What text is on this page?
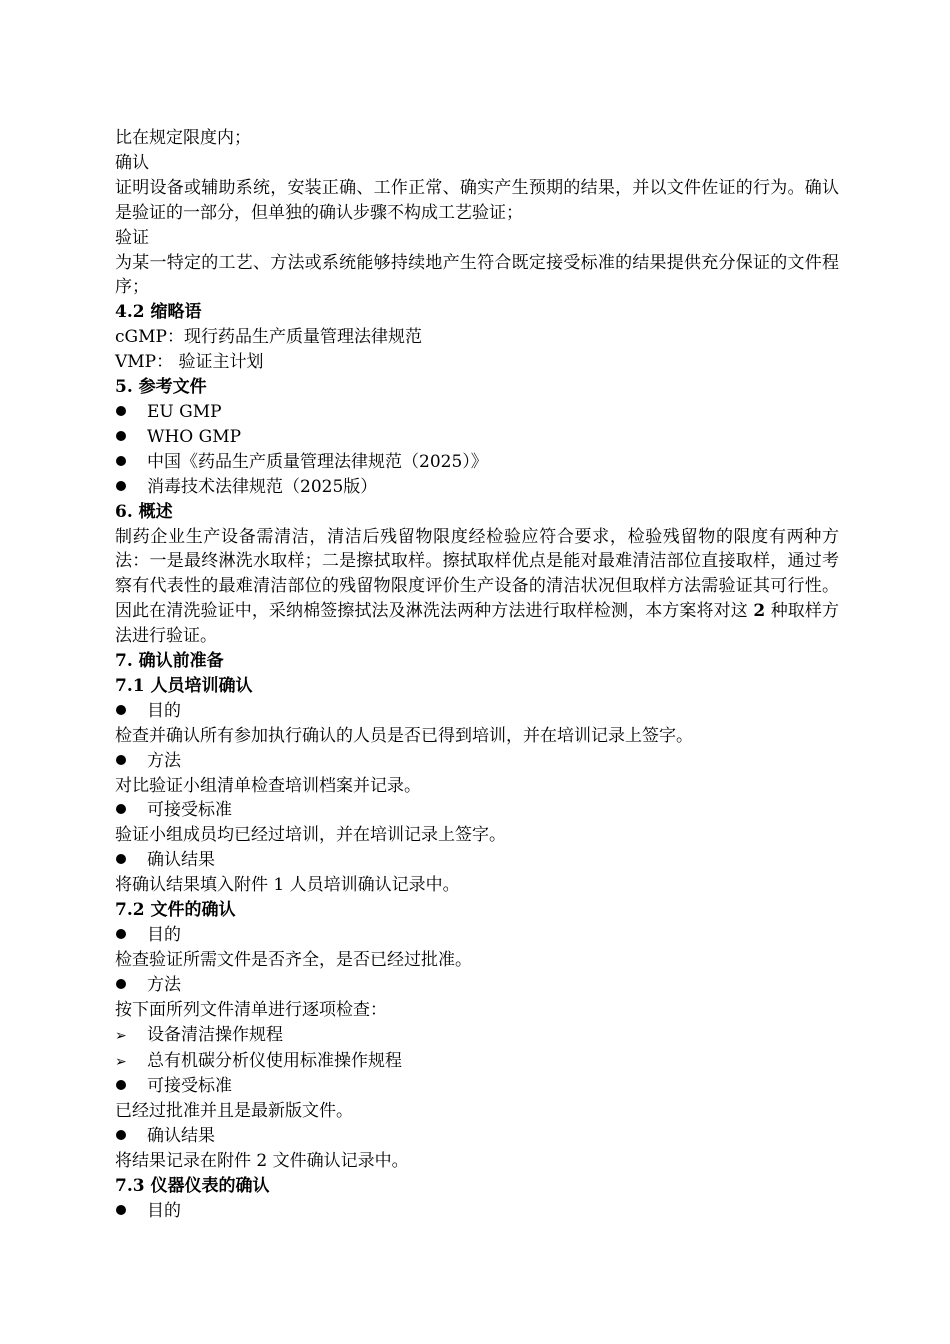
比在规定限度内；

确认

证明设备或辅助系统，安装正确、工作正常、确实产生预期的结果，并以文件佐证的行为。确认是验证的一部分，但单独的确认步骤不构成工艺验证；

验证

为某一特定的工艺、方法或系统能够持续地产生符合既定接受标准的结果提供充分保证的文件程序；

4.2 缩略语

cGMP：现行药品生产质量管理法律规范

VMP： 验证主计划

5. 参考文件

EU GMP

WHO GMP

中国《药品生产质量管理法律规范（2025）》

消毒技术法律规范（2025版）

6. 概述

制药企业生产设备需清洁，清洁后残留物限度经检验应符合要求，检验残留物的限度有两种方法：一是最终淋洗水取样；二是擦拭取样。擦拭取样优点是能对最难清洁部位直接取样，通过考察有代表性的最难清洁部位的残留物限度评价生产设备的清洁状况但取样方法需验证其可行性。因此在清洗验证中，采纳棉签擦拭法及淋洗法两种方法进行取样检测，本方案将对这 2 种取样方法进行验证。

7. 确认前准备

7.1 人员培训确认

目的

检查并确认所有参加执行确认的人员是否已得到培训，并在培训记录上签字。

方法

对比验证小组清单检查培训档案并记录。

可接受标准

验证小组成员均已经过培训，并在培训记录上签字。

确认结果

将确认结果填入附件 1 人员培训确认记录中。

7.2 文件的确认

目的

检查验证所需文件是否齐全，是否已经过批准。

方法

按下面所列文件清单进行逐项检查：

➢ 设备清洁操作规程

➢ 总有机碳分析仪使用标准操作规程

可接受标准

已经过批准并且是最新版文件。

确认结果

将结果记录在附件 2 文件确认记录中。

7.3 仪器仪表的确认

目的
